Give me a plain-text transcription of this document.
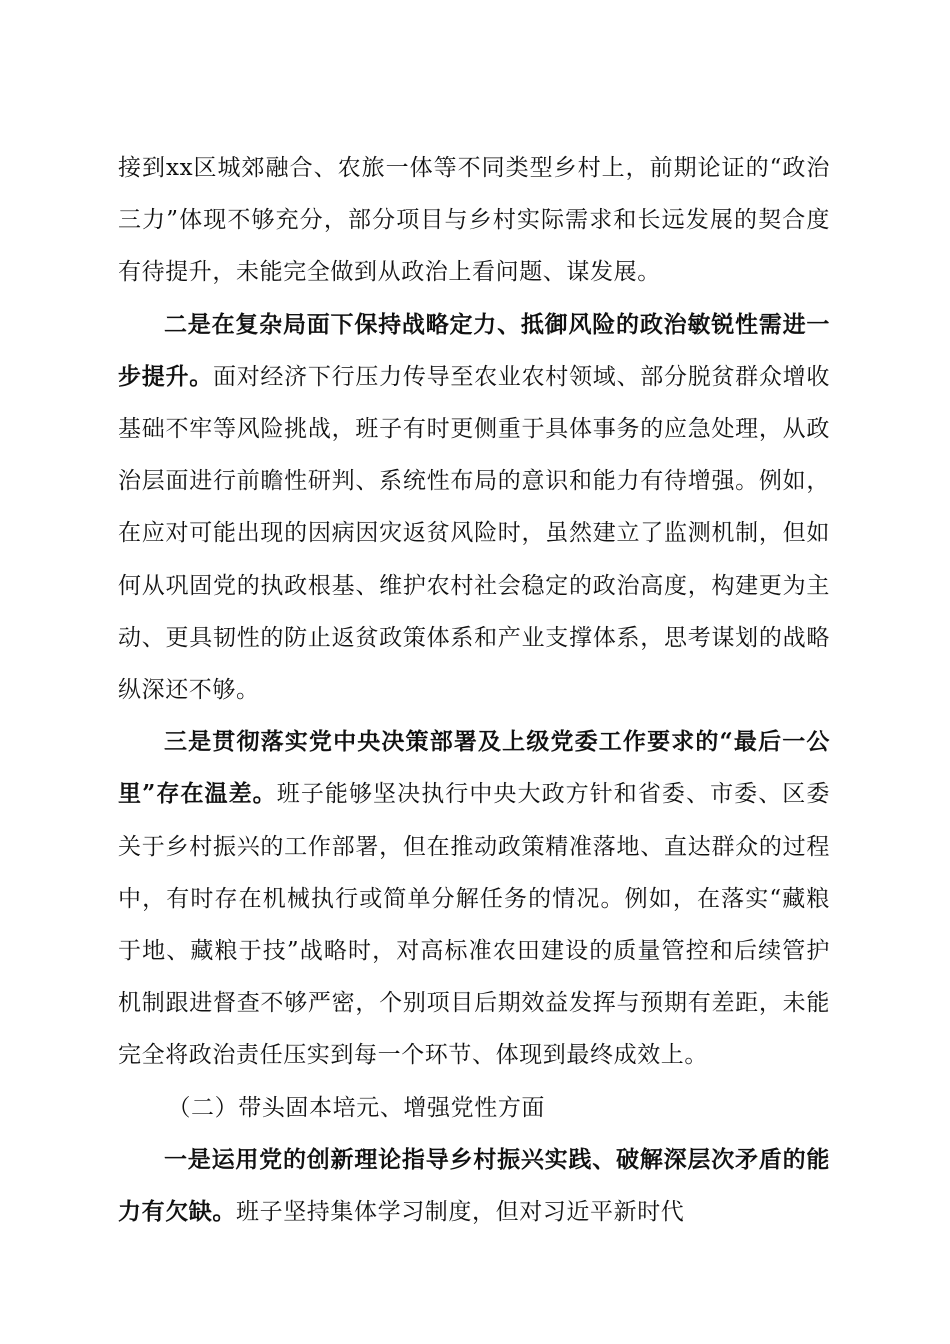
接到xx区城郊融合、农旅一体等不同类型乡村上，前期论证的“政治三力”体现不够充分，部分项目与乡村实际需求和长远发展的契合度有待提升，未能完全做到从政治上看问题、谋发展。

二是在复杂局面下保持战略定力、抵御风险的政治敏锐性需进一步提升。面对经济下行压力传导至农业农村领域、部分脱贫群众增收基础不牢等风险挑战，班子有时更侧重于具体事务的应急处理，从政治层面进行前瞻性研判、系统性布局的意识和能力有待增强。例如，在应对可能出现的因病因灾返贫风险时，虽然建立了监测机制，但如何从巩固党的执政根基、维护农村社会稳定的政治高度，构建更为主动、更具韧性的防止返贫政策体系和产业支撑体系，思考谋划的战略纵深还不够。

三是贯彻落实党中央决策部署及上级党委工作要求的“最后一公里”存在温差。班子能够坚决执行中央大政方针和省委、市委、区委关于乡村振兴的工作部署，但在推动政策精准落地、直达群众的过程中，有时存在机械执行或简单分解任务的情况。例如，在落实“藏粮于地、藏粮于技”战略时，对高标准农田建设的质量管控和后续管护机制跟进督查不够严密，个别项目后期效益发挥与预期有差距，未能完全将政治责任压实到每一个环节、体现到最终成效上。

（二）带头固本培元、增强党性方面

一是运用党的创新理论指导乡村振兴实践、破解深层次矛盾的能力有欠缺。班子坚持集体学习制度，但对习近平新时代
